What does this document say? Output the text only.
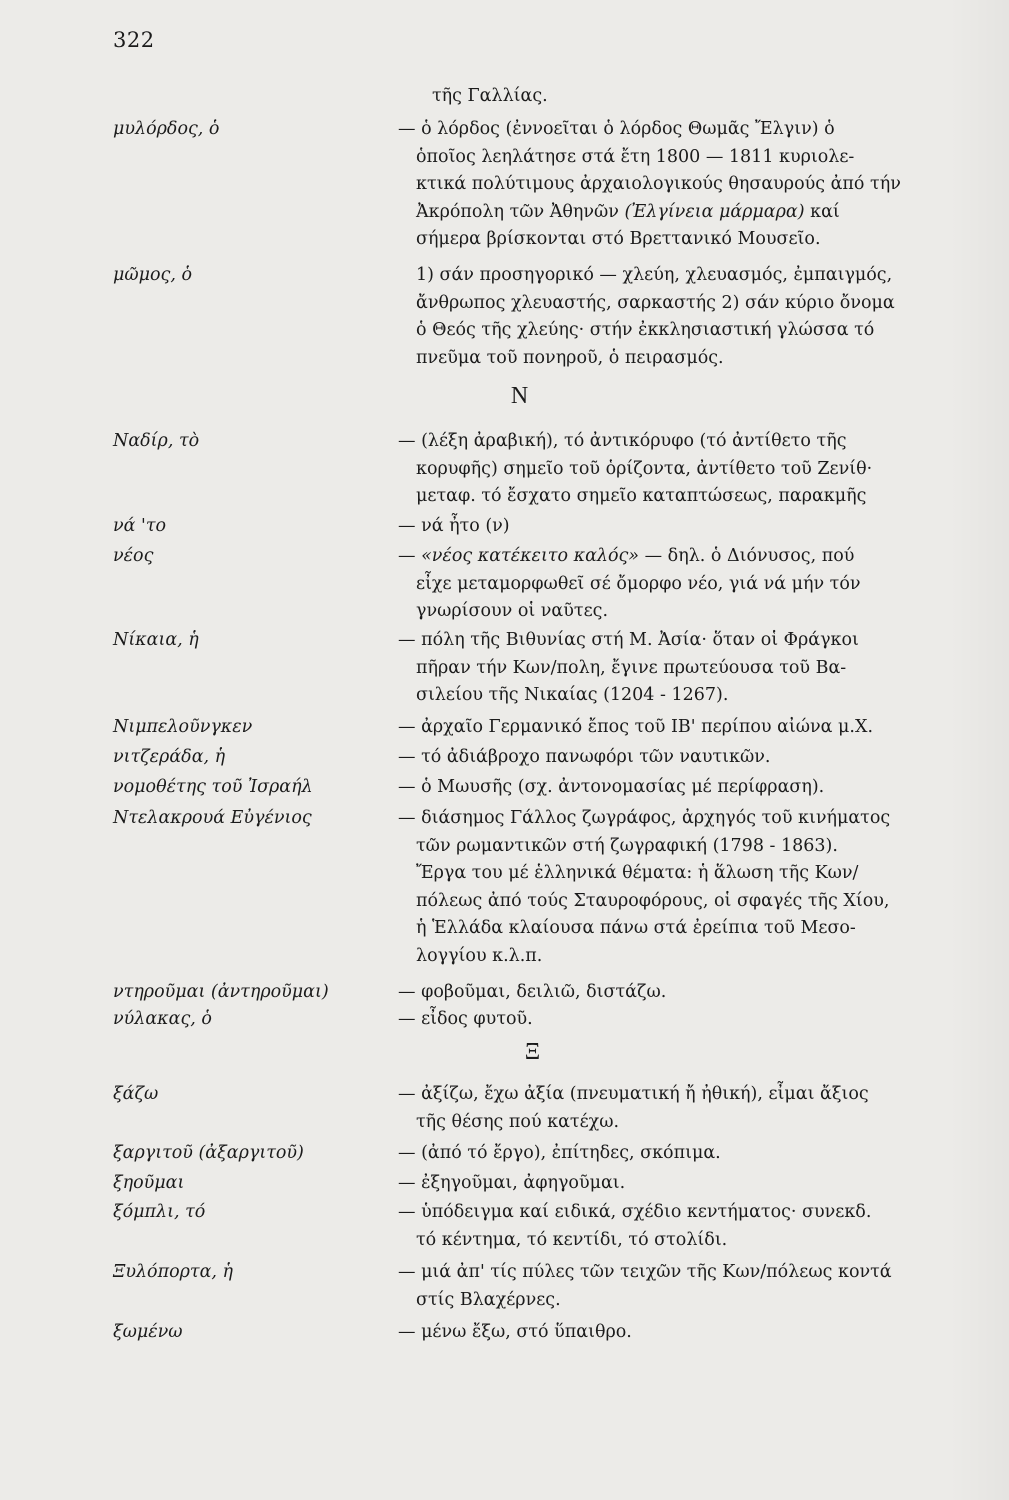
322
τῆς Γαλλίας.
μυλόρδος, ὁ	— ὁ λόρδος (ἐννοεῖται ὁ λόρδος Θωμᾶς Ἔλγιν) ὁ
ὁποῖος λεηλάτησε στά ἔτη 1800 — 1811 κυριολε-
κτικά πολύτιμους ἀρχαιολογικούς θησαυρούς ἀπό τήν
Ἀκρόπολη τῶν Ἀθηνῶν (Ἐλγίνεια μάρμαρα) καί
σήμερα βρίσκονται στό Βρεττανικό Μουσεῖο.
μῶμος, ὁ	1) σάν προσηγορικό — χλεύη, χλευασμός, ἐμπαιγμός,
ἄνθρωπος χλευαστής, σαρκαστής 2) σάν κύριο ὄνομα
ὁ Θεός τῆς χλεύης· στήν ἐκκλησιαστική γλώσσα τό
πνεῦμα τοῦ πονηροῦ, ὁ πειρασμός.
N
Ναδίρ, τὸ	— (λέξη ἀραβική), τό ἀντικόρυφο (τό ἀντίθετο τῆς
κορυφῆς) σημεῖο τοῦ ὁρίζοντα, ἀντίθετο τοῦ Ζενίθ·
μεταφ. τό ἔσχατο σημεῖο καταπτώσεως, παρακμῆς
νά 'το	— νά ἦτο (ν)
νέος	— «νέος κατέκειτο καλός» — δηλ. ὁ Διόνυσος, πού
εἶχε μεταμορφωθεῖ σέ ὄμορφο νέο, γιά νά μήν τόν
γνωρίσουν οἱ ναῦτες.
Νίκαια, ἡ	— πόλη τῆς Βιθυνίας στή Μ. Ἀσία· ὅταν οἱ Φράγκοι
πῆραν τήν Κων/πολη, ἔγινε πρωτεύουσα τοῦ Βα-
σιλείου τῆς Νικαίας (1204 - 1267).
Νιμπελοῦνγκεν	— ἀρχαῖο Γερμανικό ἔπος τοῦ ΙΒ' περίπου αἰώνα μ.Χ.
νιτζεράδα, ἡ	— τό ἀδιάβροχο πανωφόρι τῶν ναυτικῶν.
νομοθέτης τοῦ Ἰσραήλ	— ὁ Μωυσῆς (σχ. ἀντονομασίας μέ περίφραση).
Ντελακρουά Εὐγένιος	— διάσημος Γάλλος ζωγράφος, ἀρχηγός τοῦ κινήματος
τῶν ρωμαντικῶν στή ζωγραφική (1798 - 1863).
Ἔργα του μέ ἑλληνικά θέματα: ἡ ἅλωση τῆς Κων/
πόλεως ἀπό τούς Σταυροφόρους, οἱ σφαγές τῆς Χίου,
ἡ Ἑλλάδα κλαίουσα πάνω στά ἐρείπια τοῦ Μεσο-
λογγίου κ.λ.π.
ντηροῦμαι (ἀντηροῦμαι)	— φοβοῦμαι, δειλιῶ, διστάζω.
νύλακας, ὁ	— εἶδος φυτοῦ.
Ξ
ξάζω	— ἀξίζω, ἔχω ἀξία (πνευματική ἤ ἠθική), εἶμαι ἄξιος
τῆς θέσης πού κατέχω.
ξαργιτοῦ (ἀξαργιτοῦ)	— (ἀπό τό ἔργο), ἐπίτηδες, σκόπιμα.
ξηοῦμαι	— ἐξηγοῦμαι, ἀφηγοῦμαι.
ξόμπλι, τό	— ὑπόδειγμα καί ειδικά, σχέδιο κεντήματος· συνεκδ.
τό κέντημα, τό κεντίδι, τό στολίδι.
Ξυλόπορτα, ἡ	— μιά ἀπ' τίς πύλες τῶν τειχῶν τῆς Κων/πόλεως κοντά
στίς Βλαχέρνες.
ξωμένω	— μένω ἔξω, στό ὕπαιθρο.
